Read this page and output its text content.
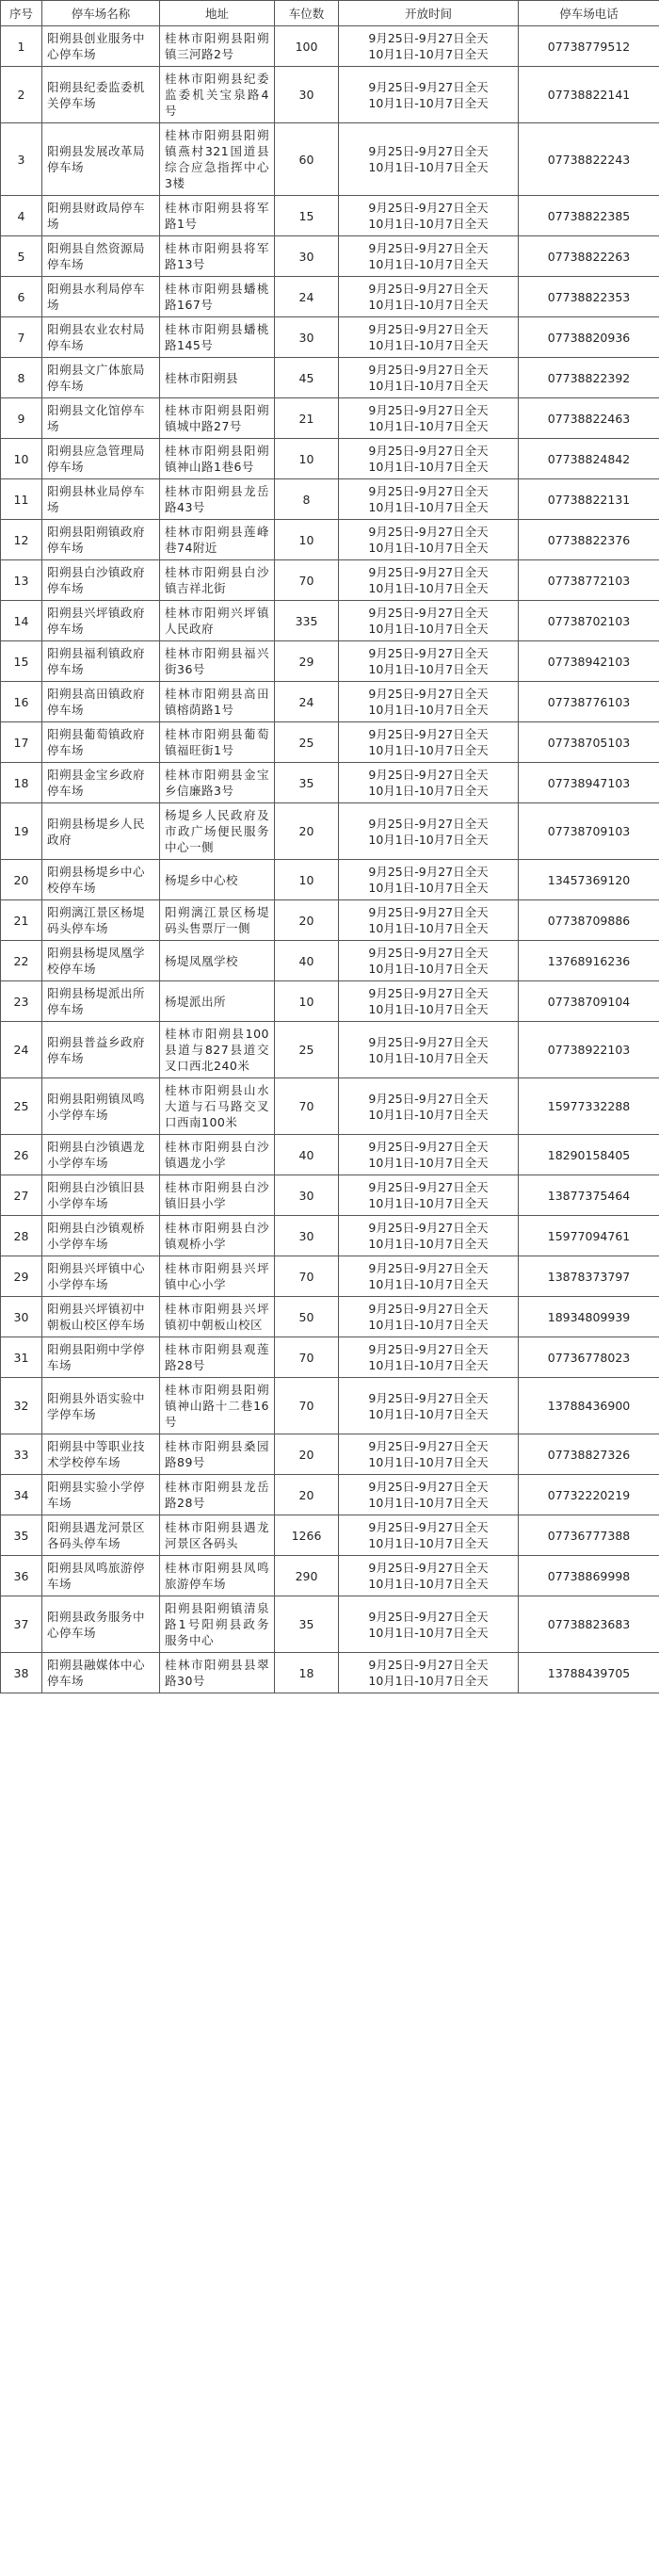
序号	停车场名称	地址	车位数	开放时间	停车场电话
1	阳朔县创业服务中心停车场	桂林市阳朔县阳朔镇三河路2号	100	9月25日-9月27日全天
10月1日-10月7日全天	07738779512
2	阳朔县纪委监委机关停车场	桂林市阳朔县纪委监委机关宝泉路4号	30	9月25日-9月27日全天
10月1日-10月7日全天	07738822141
3	阳朔县发展改革局停车场	桂林市阳朔县阳朔镇燕村321国道县综合应急指挥中心3楼	60	9月25日-9月27日全天
10月1日-10月7日全天	07738822243
4	阳朔县财政局停车场	桂林市阳朔县将军路1号	15	9月25日-9月27日全天
10月1日-10月7日全天	07738822385
5	阳朔县自然资源局停车场	桂林市阳朔县将军路13号	30	9月25日-9月27日全天
10月1日-10月7日全天	07738822263
6	阳朔县水利局停车场	桂林市阳朔县蟠桃路167号	24	9月25日-9月27日全天
10月1日-10月7日全天	07738822353
7	阳朔县农业农村局停车场	桂林市阳朔县蟠桃路145号	30	9月25日-9月27日全天
10月1日-10月7日全天	07738820936
8	阳朔县文广体旅局停车场	桂林市阳朔县	45	9月25日-9月27日全天
10月1日-10月7日全天	07738822392
9	阳朔县文化馆停车场	桂林市阳朔县阳朔镇城中路27号	21	9月25日-9月27日全天
10月1日-10月7日全天	07738822463
10	阳朔县应急管理局停车场	桂林市阳朔县阳朔镇神山路1巷6号	10	9月25日-9月27日全天
10月1日-10月7日全天	07738824842
11	阳朔县林业局停车场	桂林市阳朔县龙岳路43号	8	9月25日-9月27日全天
10月1日-10月7日全天	07738822131
12	阳朔县阳朔镇政府停车场	桂林市阳朔县莲峰巷74附近	10	9月25日-9月27日全天
10月1日-10月7日全天	07738822376
13	阳朔县白沙镇政府停车场	桂林市阳朔县白沙镇吉祥北街	70	9月25日-9月27日全天
10月1日-10月7日全天	07738772103
14	阳朔县兴坪镇政府停车场	桂林市阳朔兴坪镇人民政府	335	9月25日-9月27日全天
10月1日-10月7日全天	07738702103
15	阳朔县福利镇政府停车场	桂林市阳朔县福兴街36号	29	9月25日-9月27日全天
10月1日-10月7日全天	07738942103
16	阳朔县高田镇政府停车场	桂林市阳朔县高田镇榕荫路1号	24	9月25日-9月27日全天
10月1日-10月7日全天	07738776103
17	阳朔县葡萄镇政府停车场	桂林市阳朔县葡萄镇福旺街1号	25	9月25日-9月27日全天
10月1日-10月7日全天	07738705103
18	阳朔县金宝乡政府停车场	桂林市阳朔县金宝乡信廉路3号	35	9月25日-9月27日全天
10月1日-10月7日全天	07738947103
19	阳朔县杨堤乡人民政府	杨堤乡人民政府及市政广场便民服务中心一侧	20	9月25日-9月27日全天
10月1日-10月7日全天	07738709103
20	阳朔县杨堤乡中心校停车场	杨堤乡中心校	10	9月25日-9月27日全天
10月1日-10月7日全天	13457369120
21	阳朔漓江景区杨堤码头停车场	阳朔漓江景区杨堤码头售票厅一侧	20	9月25日-9月27日全天
10月1日-10月7日全天	07738709886
22	阳朔县杨堤凤凰学校停车场	杨堤凤凰学校	40	9月25日-9月27日全天
10月1日-10月7日全天	13768916236
23	阳朔县杨堤派出所停车场	杨堤派出所	10	9月25日-9月27日全天
10月1日-10月7日全天	07738709104
24	阳朔县普益乡政府停车场	桂林市阳朔县100县道与827县道交叉口西北240米	25	9月25日-9月27日全天
10月1日-10月7日全天	07738922103
25	阳朔县阳朔镇凤鸣小学停车场	桂林市阳朔县山水大道与石马路交叉口西南100米	70	9月25日-9月27日全天
10月1日-10月7日全天	15977332288
26	阳朔县白沙镇遇龙小学停车场	桂林市阳朔县白沙镇遇龙小学	40	9月25日-9月27日全天
10月1日-10月7日全天	18290158405
27	阳朔县白沙镇旧县小学停车场	桂林市阳朔县白沙镇旧县小学	30	9月25日-9月27日全天
10月1日-10月7日全天	13877375464
28	阳朔县白沙镇观桥小学停车场	桂林市阳朔县白沙镇观桥小学	30	9月25日-9月27日全天
10月1日-10月7日全天	15977094761
29	阳朔县兴坪镇中心小学停车场	桂林市阳朔县兴坪镇中心小学	70	9月25日-9月27日全天
10月1日-10月7日全天	13878373797
30	阳朔县兴坪镇初中朝板山校区停车场	桂林市阳朔县兴坪镇初中朝板山校区	50	9月25日-9月27日全天
10月1日-10月7日全天	18934809939
31	阳朔县阳朔中学停车场	桂林市阳朔县观莲路28号	70	9月25日-9月27日全天
10月1日-10月7日全天	07736778023
32	阳朔县外语实验中学停车场	桂林市阳朔县阳朔镇神山路十二巷16号	70	9月25日-9月27日全天
10月1日-10月7日全天	13788436900
33	阳朔县中等职业技术学校停车场	桂林市阳朔县桑园路89号	20	9月25日-9月27日全天
10月1日-10月7日全天	07738827326
34	阳朔县实验小学停车场	桂林市阳朔县龙岳路28号	20	9月25日-9月27日全天
10月1日-10月7日全天	07732220219
35	阳朔县遇龙河景区各码头停车场	桂林市阳朔县遇龙河景区各码头	1266	9月25日-9月27日全天
10月1日-10月7日全天	07736777388
36	阳朔县凤鸣旅游停车场	桂林市阳朔县凤鸣旅游停车场	290	9月25日-9月27日全天
10月1日-10月7日全天	07738869998
37	阳朔县政务服务中心停车场	阳朔县阳朔镇清泉路1号阳朔县政务服务中心	35	9月25日-9月27日全天
10月1日-10月7日全天	07738823683
38	阳朔县融媒体中心停车场	桂林市阳朔县县翠路30号	18	9月25日-9月27日全天
10月1日-10月7日全天	13788439705
